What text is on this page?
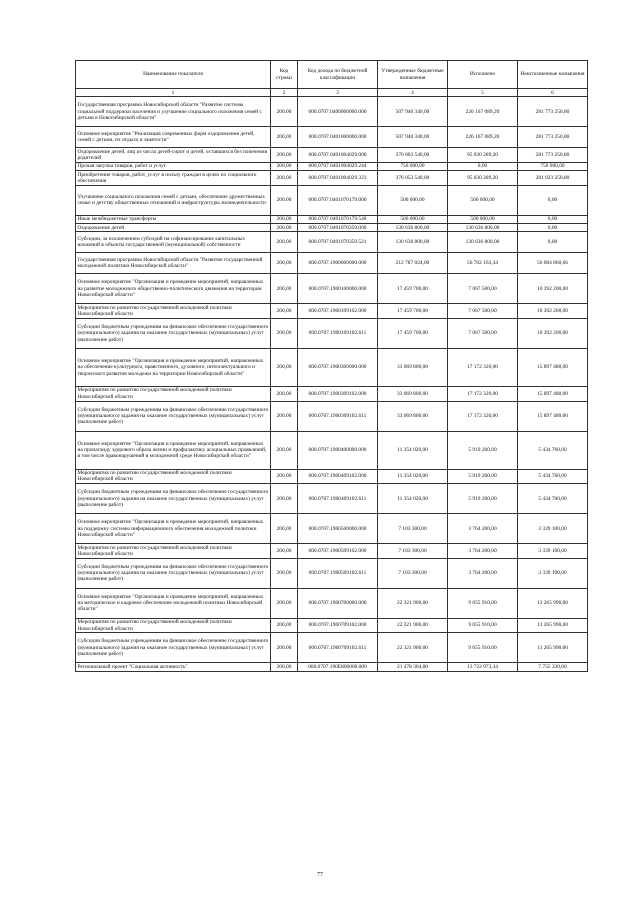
Наименование показателя	Код строки	Код дохода по бюджетной классификации	Утвержденные бюджетные назначения	Исполнено	Неисполненные назначения
1	2	3	4	5	6
Государственная программа Новосибирской области "Развитие системы социальной поддержки населения и улучшение социального положения семей с детьми в Новосибирской области"	200,00	000.0707.0400000000.000	507 940 340,00	226 167 089,20	281 773 250,80
Основное мероприятие "Реализация современных форм оздоровления детей, семей с детьми, их отдыха и занятости"	200,00	000.0707.0401000000.000	507 940 340,00	226 167 089,20	281 773 250,80
Оздоровление детей, лиц из числа детей-сирот и детей, оставшихся без попечения родителей	200,00	000.0707.0401004029.000	376 803 540,00	95 030 289,20	281 773 250,80
Прочая закупка товаров, работ и услуг	200,00	000.0707.0401004029.244	750 000,00	0,00	750 000,00
Приобретение товаров, работ, услуг в пользу граждан в целях их социального обеспечения	200,00	000.0707.0401004029.323	376 053 540,00	95 030 289,20	281 023 250,80
Улучшение социального положения семей с детьми, обеспечение дружественных семье и детству общественных отношений и инфраструктуры жизнедеятельности	200,00	000.0707.0401070179.000	500 000,00	500 000,00	0,00
Иные межбюджетные трансферты	200,00	000.0707.0401070179.540	500 000,00	500 000,00	0,00
Оздоровление детей	200,00	000.0707.0401070359.000	130 636 800,00	130 636 800,00	0,00
Субсидии, за исключением субсидий на софинансирование капитальных вложений в объекты государственной (муниципальной) собственности	200,00	000.0707.0401070359.521	130 636 800,00	130 636 800,00	0,00
Государственная программа Новосибирской области "Развитие государственной молодежной политики Новосибирской области"	200,00	000.0707.1900000000.000	212 787 024,00	56 702 163,34	56 084 860,66
Основное мероприятие "Организация и проведение мероприятий, направленных на развитие молодежного общественно-политического движения на территории Новосибирской области"	200,00	000.0707.1900100000.000	17 459 700,00	7 067 500,00	10 392 200,00
Мероприятия по развитию государственной молодежной политики Новосибирской области	200,00	000.0707.1900109102.000	17 459 700,00	7 067 500,00	10 392 200,00
Субсидии бюджетным учреждениям на финансовое обеспечение государственного (муниципального) задания на оказание государственных (муниципальных) услуг (выполнение работ)	200,00	000.0707.1900109102.611	17 459 700,00	7 067 500,00	10 392 200,00
Основное мероприятие "Организация и проведение мероприятий, направленных на обеспечение культурного, нравственного, духовного, интеллектуального и творческого развития молодежи на территории Новосибирской области"	200,00	000.0707.1900300000.000	33 069 800,00	17 172 320,00	15 897 480,00
Мероприятия по развитию государственной молодежной политики Новосибирской области	200,00	000.0707.1900309102.000	33 069 800,00	17 172 320,00	15 897 480,00
Субсидии бюджетным учреждениям на финансовое обеспечение государственного (муниципального) задания на оказание государственных (муниципальных) услуг (выполнение работ)	200,00	000.0707.1900309102.611	33 069 800,00	17 172 320,00	15 897 480,00
Основное мероприятие "Организация и проведение мероприятий, направленных на пропаганду здорового образа жизни и профилактику асоциальных проявлений, в том числе правонарушений в молодежной среде Новосибирской области"	200,00	000.0707.1900400000.000	11 354 020,00	5 919 260,00	5 434 760,00
Мероприятия по развитию государственной молодежной политики Новосибирской области	200,00	000.0707.1900409102.000	11 354 020,00	5 919 260,00	5 434 760,00
Субсидии бюджетным учреждениям на финансовое обеспечение государственного (муниципального) задания на оказание государственных (муниципальных) услуг (выполнение работ)	200,00	000.0707.1900409102.611	11 354 020,00	5 919 260,00	5 434 760,00
Основное мероприятие "Организация и проведение мероприятий, направленных на поддержку системы информационного обеспечения молодежной политики Новосибирской области"	200,00	000.0707.1900500000.000	7 103 300,00	3 764 200,00	3 339 100,00
Мероприятия по развитию государственной молодежной политики Новосибирской области	200,00	000.0707.1900509102.000	7 103 300,00	3 764 200,00	3 339 100,00
Субсидии бюджетным учреждениям на финансовое обеспечение государственного (муниципального) задания на оказание государственных (муниципальных) услуг (выполнение работ)	200,00	000.0707.1900509102.611	7 103 300,00	3 764 200,00	3 339 100,00
Основное мероприятие "Организация и проведение мероприятий, направленных на методическое и кадровое обеспечение молодежной политики Новосибирской области"	200,00	000.0707.1900700000.000	22 321 900,00	9 055 910,00	13 265 990,00
Мероприятия по развитию государственной молодежной политики Новосибирской области	200,00	000.0707.1900709102.000	22 321 900,00	9 055 910,00	13 265 990,00
Субсидии бюджетным учреждениям на финансовое обеспечение государственного (муниципального) задания на оказание государственных (муниципальных) услуг (выполнение работ)	200,00	000.0707.1900709102.611	22 321 900,00	9 055 910,00	13 265 990,00
Региональный проект "Социальная активность"	200,00	000.0707.190E800000.000	21 478 304,00	13 722 973,34	7 755 330,66
77
